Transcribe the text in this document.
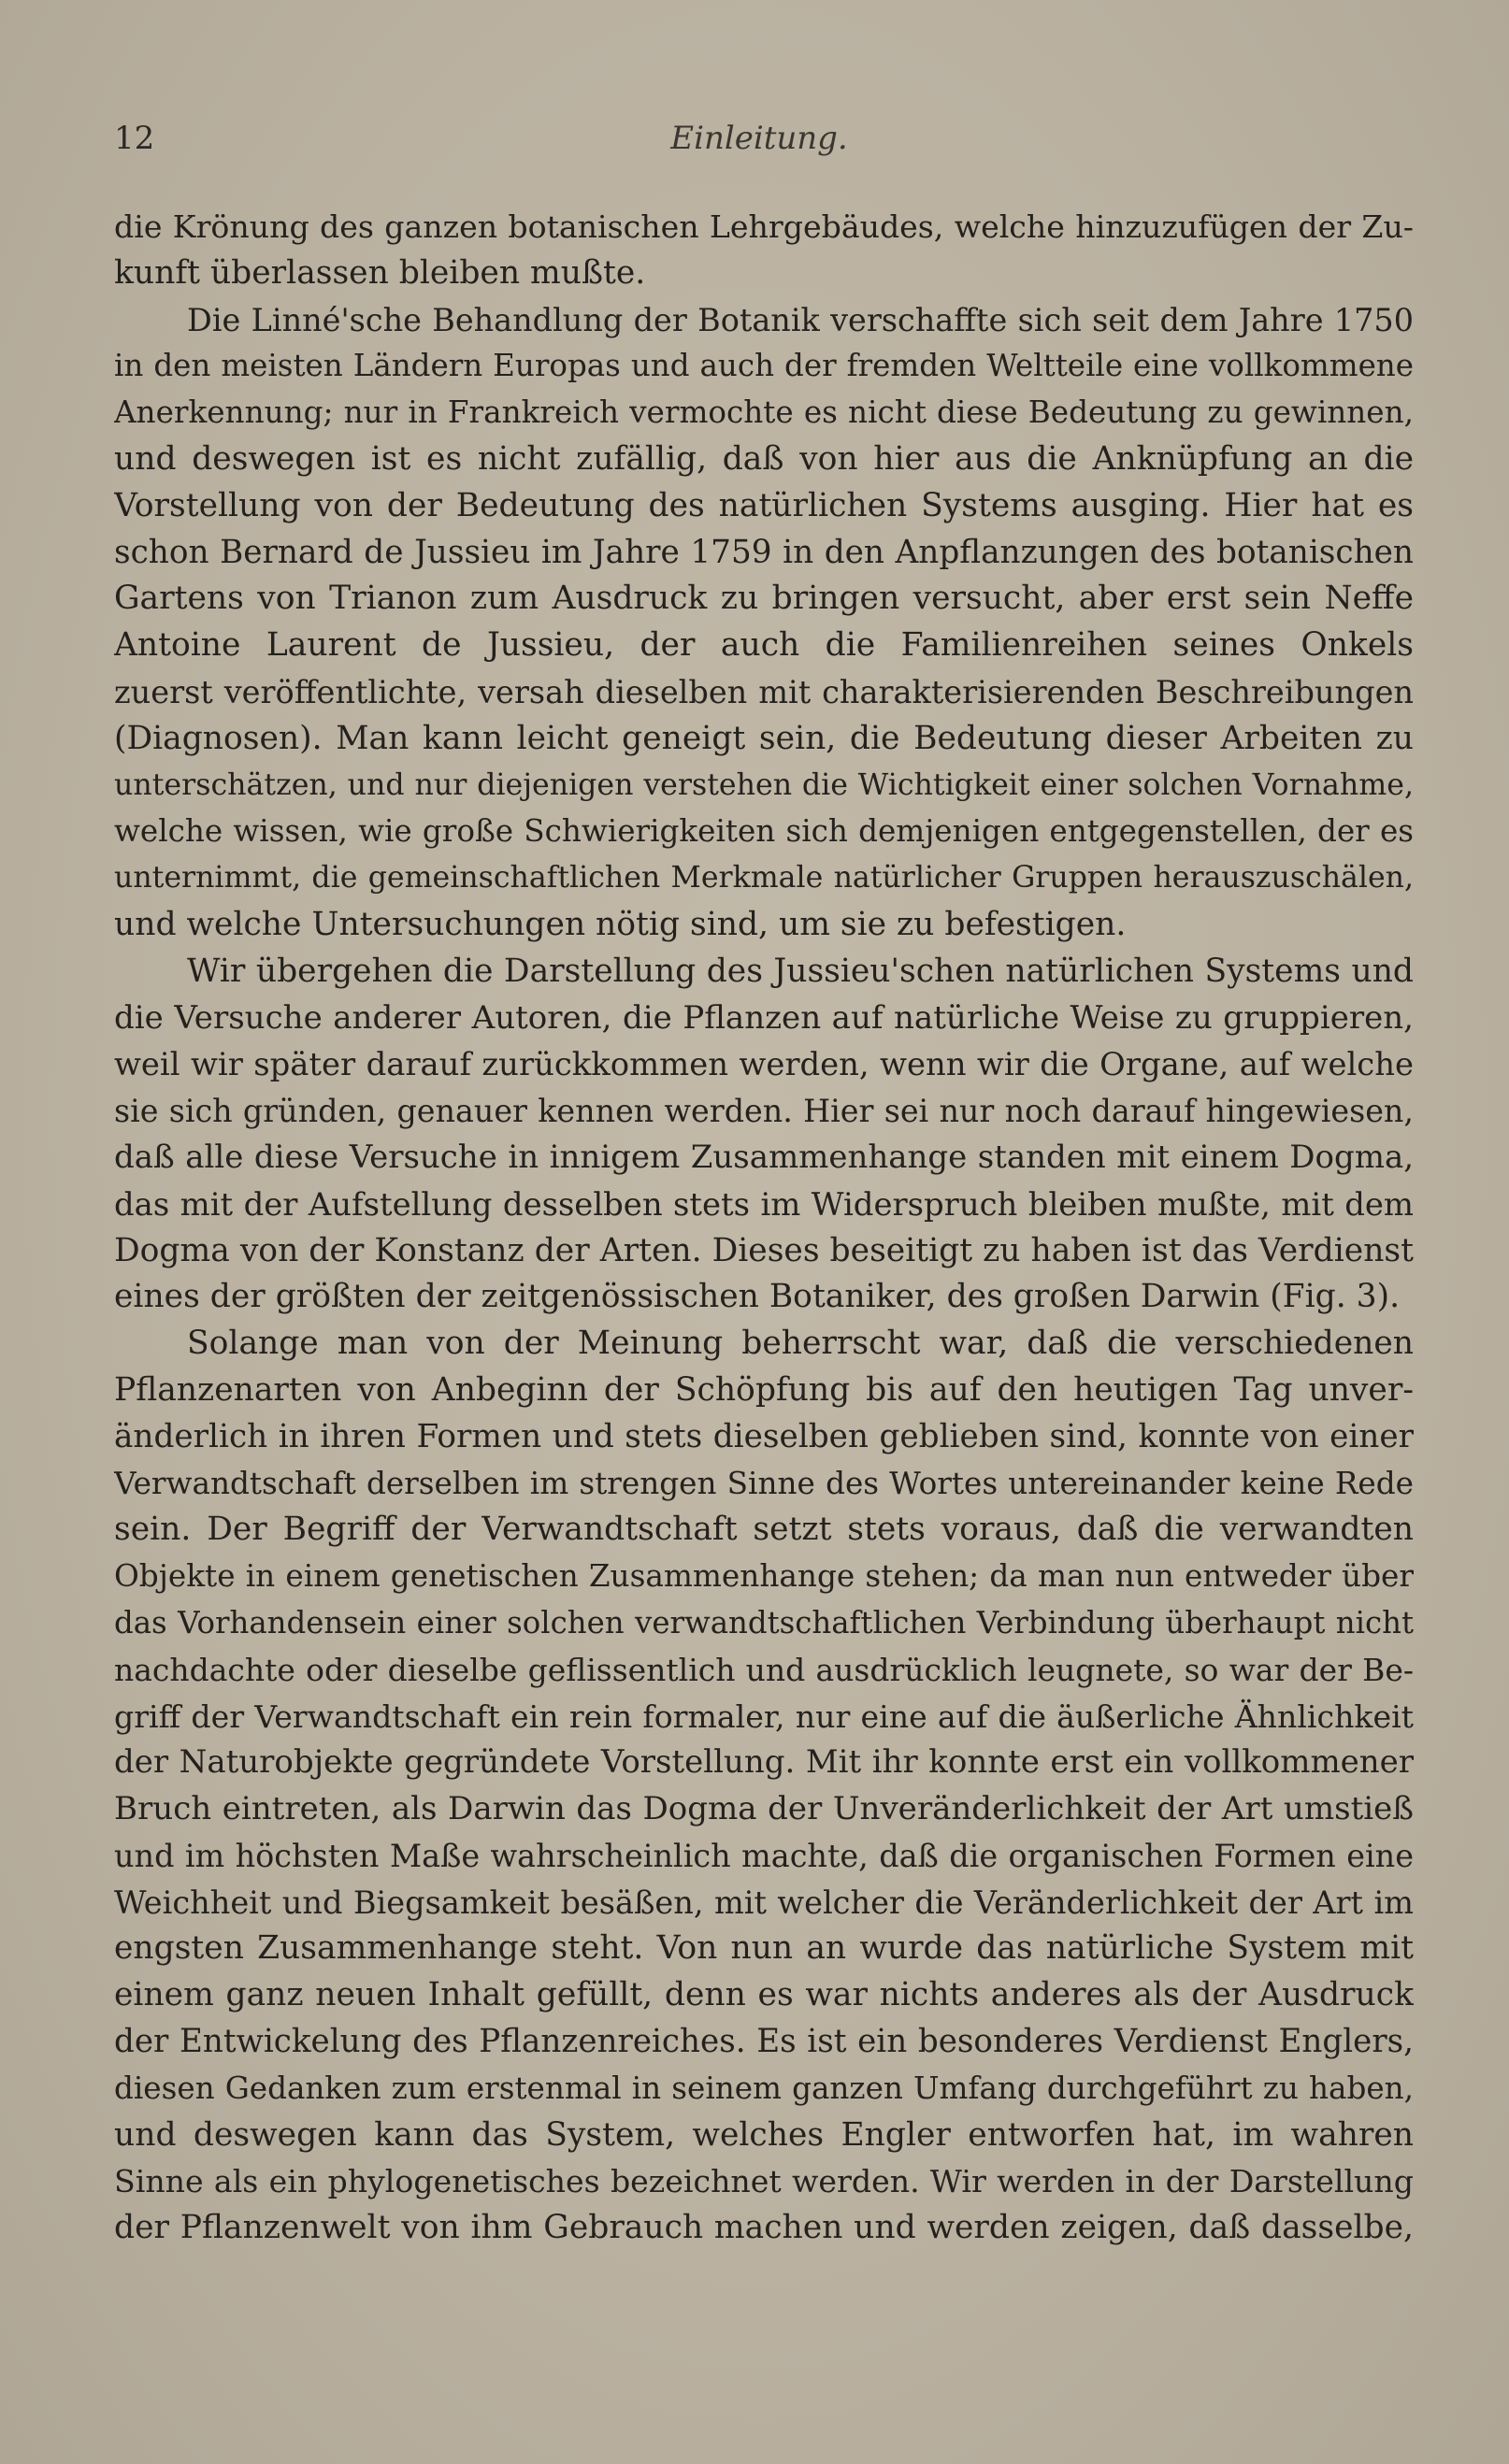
12	Einleitung.
die Krönung des ganzen botanischen Lehrgebäudes, welche hinzuzufügen der Zu-
kunft überlassen bleiben mußte.
Die Linné'sche Behandlung der Botanik verschaffte sich seit dem Jahre 1750
in den meisten Ländern Europas und auch der fremden Weltteile eine vollkommene
Anerkennung; nur in Frankreich vermochte es nicht diese Bedeutung zu gewinnen,
und deswegen ist es nicht zufällig, daß von hier aus die Anknüpfung an die
Vorstellung von der Bedeutung des natürlichen Systems ausging. Hier hat es
schon Bernard de Jussieu im Jahre 1759 in den Anpflanzungen des botanischen
Gartens von Trianon zum Ausdruck zu bringen versucht, aber erst sein Neffe
Antoine Laurent de Jussieu, der auch die Familienreihen seines Onkels
zuerst veröffentlichte, versah dieselben mit charakterisierenden Beschreibungen
(Diagnosen). Man kann leicht geneigt sein, die Bedeutung dieser Arbeiten zu
unterschätzen, und nur diejenigen verstehen die Wichtigkeit einer solchen Vornahme,
welche wissen, wie große Schwierigkeiten sich demjenigen entgegenstellen, der es
unternimmt, die gemeinschaftlichen Merkmale natürlicher Gruppen herauszuschälen,
und welche Untersuchungen nötig sind, um sie zu befestigen.
Wir übergehen die Darstellung des Jussieu'schen natürlichen Systems und
die Versuche anderer Autoren, die Pflanzen auf natürliche Weise zu gruppieren,
weil wir später darauf zurückkommen werden, wenn wir die Organe, auf welche
sie sich gründen, genauer kennen werden. Hier sei nur noch darauf hingewiesen,
daß alle diese Versuche in innigem Zusammenhange standen mit einem Dogma,
das mit der Aufstellung desselben stets im Widerspruch bleiben mußte, mit dem
Dogma von der Konstanz der Arten. Dieses beseitigt zu haben ist das Verdienst
eines der größten der zeitgenössischen Botaniker, des großen Darwin (Fig. 3).
Solange man von der Meinung beherrscht war, daß die verschiedenen
Pflanzenarten von Anbeginn der Schöpfung bis auf den heutigen Tag unver-
änderlich in ihren Formen und stets dieselben geblieben sind, konnte von einer
Verwandtschaft derselben im strengen Sinne des Wortes untereinander keine Rede
sein. Der Begriff der Verwandtschaft setzt stets voraus, daß die verwandten
Objekte in einem genetischen Zusammenhange stehen; da man nun entweder über
das Vorhandensein einer solchen verwandtschaftlichen Verbindung überhaupt nicht
nachdachte oder dieselbe geflissentlich und ausdrücklich leugnete, so war der Be-
griff der Verwandtschaft ein rein formaler, nur eine auf die äußerliche Ähnlichkeit
der Naturobjekte gegründete Vorstellung. Mit ihr konnte erst ein vollkommener
Bruch eintreten, als Darwin das Dogma der Unveränderlichkeit der Art umstieß
und im höchsten Maße wahrscheinlich machte, daß die organischen Formen eine
Weichheit und Biegsamkeit besäßen, mit welcher die Veränderlichkeit der Art im
engsten Zusammenhange steht. Von nun an wurde das natürliche System mit
einem ganz neuen Inhalt gefüllt, denn es war nichts anderes als der Ausdruck
der Entwickelung des Pflanzenreiches. Es ist ein besonderes Verdienst Englers,
diesen Gedanken zum erstenmal in seinem ganzen Umfang durchgeführt zu haben,
und deswegen kann das System, welches Engler entworfen hat, im wahren
Sinne als ein phylogenetisches bezeichnet werden. Wir werden in der Darstellung
der Pflanzenwelt von ihm Gebrauch machen und werden zeigen, daß dasselbe,
